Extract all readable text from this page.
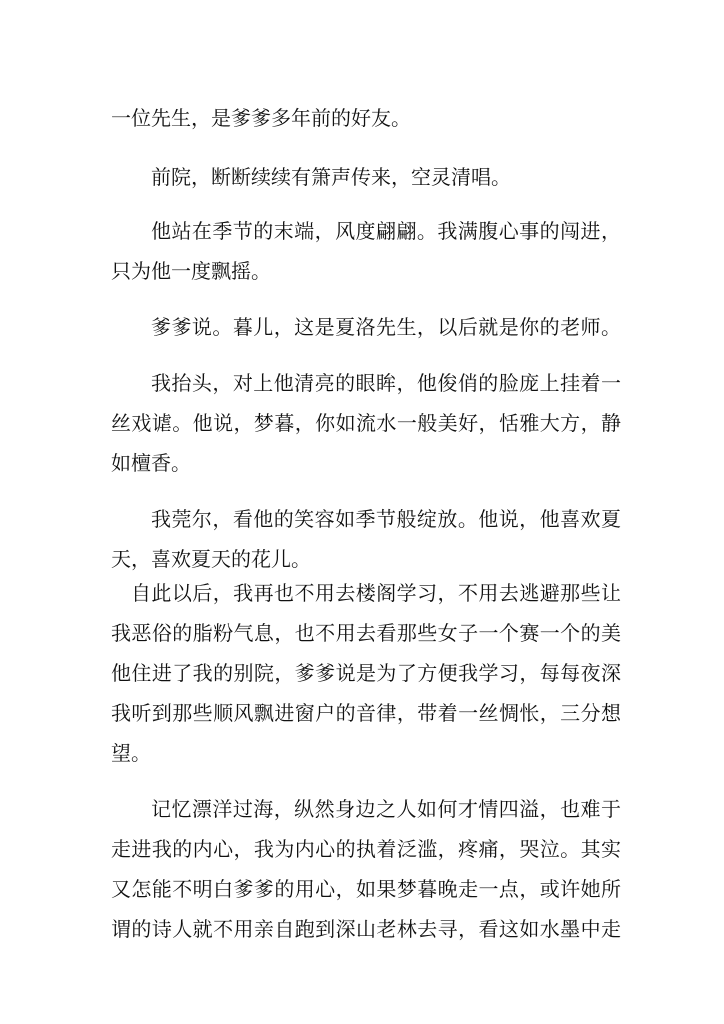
一位先生，是爹爹多年前的好友。
前院，断断续续有箫声传来，空灵清唱。
他站在季节的末端，风度翩翩。我满腹心事的闯进，
只为他一度飘摇。
爹爹说。暮儿，这是夏洛先生，以后就是你的老师。
我抬头，对上他清亮的眼眸，他俊俏的脸庞上挂着一
丝戏谑。他说，梦暮，你如流水一般美好，恬雅大方，静
如檀香。
我莞尔，看他的笑容如季节般绽放。他说，他喜欢夏
天，喜欢夏天的花儿。
自此以后，我再也不用去楼阁学习，不用去逃避那些让
我恶俗的脂粉气息，也不用去看那些女子一个赛一个的美
他住进了我的别院，爹爹说是为了方便我学习，每每夜深
我听到那些顺风飘进窗户的音律，带着一丝惆怅，三分想
望。
记忆漂洋过海，纵然身边之人如何才情四溢，也难于
走进我的内心，我为内心的执着泛滥，疼痛，哭泣。其实
又怎能不明白爹爹的用心，如果梦暮晚走一点，或许她所
谓的诗人就不用亲自跑到深山老林去寻，看这如水墨中走
